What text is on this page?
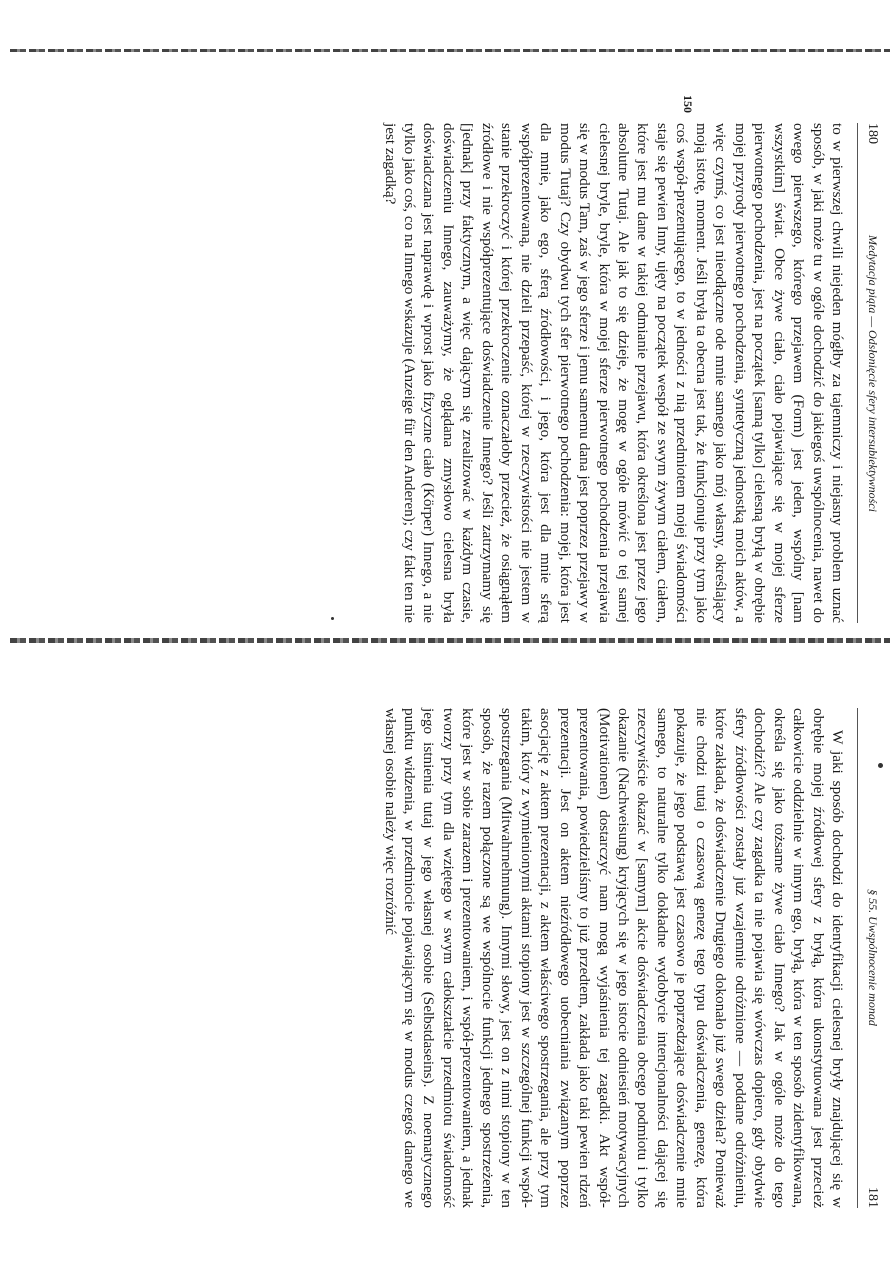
180
Medytacja piąta — Odsłonięcie sfery intersubiektywności

150
to w pierwszej chwili niejeden mógłby za tajemniczy i niejasny problem uznać sposób, w jaki może tu w ogóle dochodzić do jakiegoś uwspólnocenia, nawet do owego pierwszego, którego przejawem (Form) jest jeden, wspólny [nam wszystkim] świat. Obce żywe ciało, ciało pojawiające się w mojej sferze pierwotnego pochodzenia, jest na początek [samą tylko] cielesną bryłą w obrębie mojej przyrody pierwotnego pochodzenia, syntetyczną jednostką moich aktów, a więc czymś, co jest nieodłączne ode mnie samego jako mój własny, określający moją istotę, moment. Jeśli bryła ta obecna jest tak, że funkcjonuje przy tym jako coś współ-prezentującego, to w jedności z nią przedmiotem mojej świadomości staje się pewien Inny, ujęty na początek wespół ze swym żywym ciałem, ciałem, które jest mu dane w takiej odmianie przejawu, która określona jest przez jego absolutne Tutaj. Ale jak to się dzieje, że mogę w ogóle mówić o tej samej cielesnej bryle, bryle, która w mojej sferze pierwotnego pochodzenia przejawia się w modus Tam, zaś w jego sferze i jemu samemu dana jest poprzez przejawy w modus Tutaj? Czy obydwu tych sfer pierwotnego pochodzenia: mojej, która jest dla mnie, jako ego, sferą źródłowości, i jego, która jest dla mnie sferą współprezentowaną, nie dzieli przepaść, której w rzeczywistości nie jestem w stanie przekroczyć i której przekroczenie oznaczałoby przecież, że osiągnąłem źródłowe i nie współprezentujące doświadczenie Innego? Jeśli zatrzymamy się [jednak] przy faktycznym, a więc dającym się zrealizować w każdym czasie, doświadczeniu Innego, zauważymy, że oglądana zmysłowo cielesna bryła doświadczana jest naprawdę i wprost jako fizyczne ciało (Körper) Innego, a nie tylko jako coś, co na Innego wskazuje (Anzeige für den Anderen); czy fakt ten nie jest zagadką?

§ 55. Uwspólnocenie monad
181

W jaki sposób dochodzi do identyfikacji cielesnej bryły znajdującej się w obrębie mojej źródłowej sfery z bryłą, która ukonstytuowana jest przecież całkowicie oddzielnie w innym ego, bryłą, która w ten sposób zidentyfikowana, określa się jako tożsame żywe ciało Innego? Jak w ogóle może do tego dochodzić? Ale czy zagadka ta nie pojawia się wówczas dopiero, gdy obydwie sfery źródłowości zostały już wzajemnie odróżnione — poddane odróżnieniu, które zakłada, że doświadczenie Drugiego dokonało już swego dzieła? Ponieważ nie chodzi tutaj o czasową genezę tego typu doświadczenia, genezę, która pokazuje, że jego podstawą jest czasowo je poprzedzające doświadczenie mnie samego, to naturalne tylko dokładne wydobycie intencjonalności dającej się rzeczywiście okazać w [samym] akcie doświadczenia obcego podmiotu i tylko okazanie (Nachweisung) kryjących się w jego istocie odniesień motywacyjnych (Motivationen) dostarczyć nam mogą wyjaśnienia tej zagadki. Akt współ-prezentowania, powiedzieliśmy to już przedtem, zakłada jako taki pewien rdzeń prezentacji. Jest on aktem nieźródłowego uobecniania związanym poprzez asocjację z aktem prezentacji, z aktem właściwego spostrzegania, ale przy tym takim, który z wymienionymi aktami stopiony jest w szczególnej funkcji współ-spostrzegania (Mitwahrnehmung). Innymi słowy, jest on z nimi stopiony w ten sposób, że razem połączone są we wspólnocie funkcji jednego spostrzeżenia, które jest w sobie zarazem i prezentowaniem, i współ-prezentowaniem, a jednak tworzy przy tym dla wziętego w swym całokształcie przedmiotu świadomość jego istnienia tutaj w jego własnej osobie (Selbstdaseins). Z noematycznego punktu widzenia, w przedmiocie pojawiającym się w modus czegoś danego we własnej osobie należy więc rozróżnić
